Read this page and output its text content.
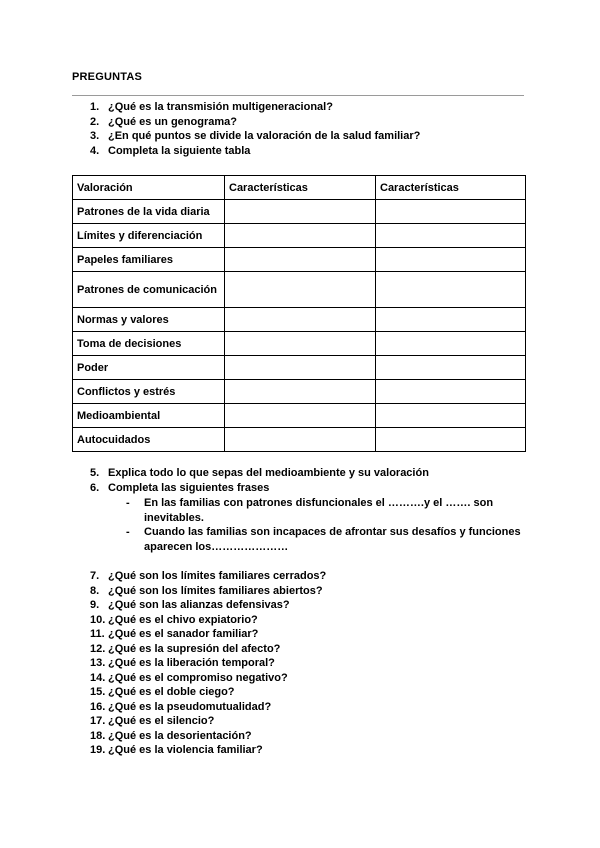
PREGUNTAS
1. ¿Qué es la transmisión multigeneracional?
2. ¿Qué es un genograma?
3. ¿En qué puntos se divide la valoración de la salud familiar?
4. Completa la siguiente tabla
Valoración	Características	Características
Patrones de la vida diaria		
Límites y diferenciación		
Papeles familiares		
Patrones de comunicación		
Normas y valores		
Toma de decisiones		
Poder		
Conflictos y estrés		
Medioambiental		
Autocuidados		
5. Explica todo lo que sepas del medioambiente y su valoración
6. Completa las siguientes frases
- En las familias con patrones disfuncionales el ……….y el ……. son inevitables.
- Cuando las familias son incapaces de afrontar sus desafíos y funciones aparecen los…………………
7. ¿Qué son los límites familiares cerrados?
8. ¿Qué son los límites familiares abiertos?
9. ¿Qué son las alianzas defensivas?
10. ¿Qué es el chivo expiatorio?
11. ¿Qué es el sanador familiar?
12. ¿Qué es la supresión del afecto?
13. ¿Qué es la liberación temporal?
14. ¿Qué es el compromiso negativo?
15. ¿Qué es el doble ciego?
16. ¿Qué es la pseudomutualidad?
17. ¿Qué es el silencio?
18. ¿Qué es la desorientación?
19. ¿Qué es la violencia familiar?
